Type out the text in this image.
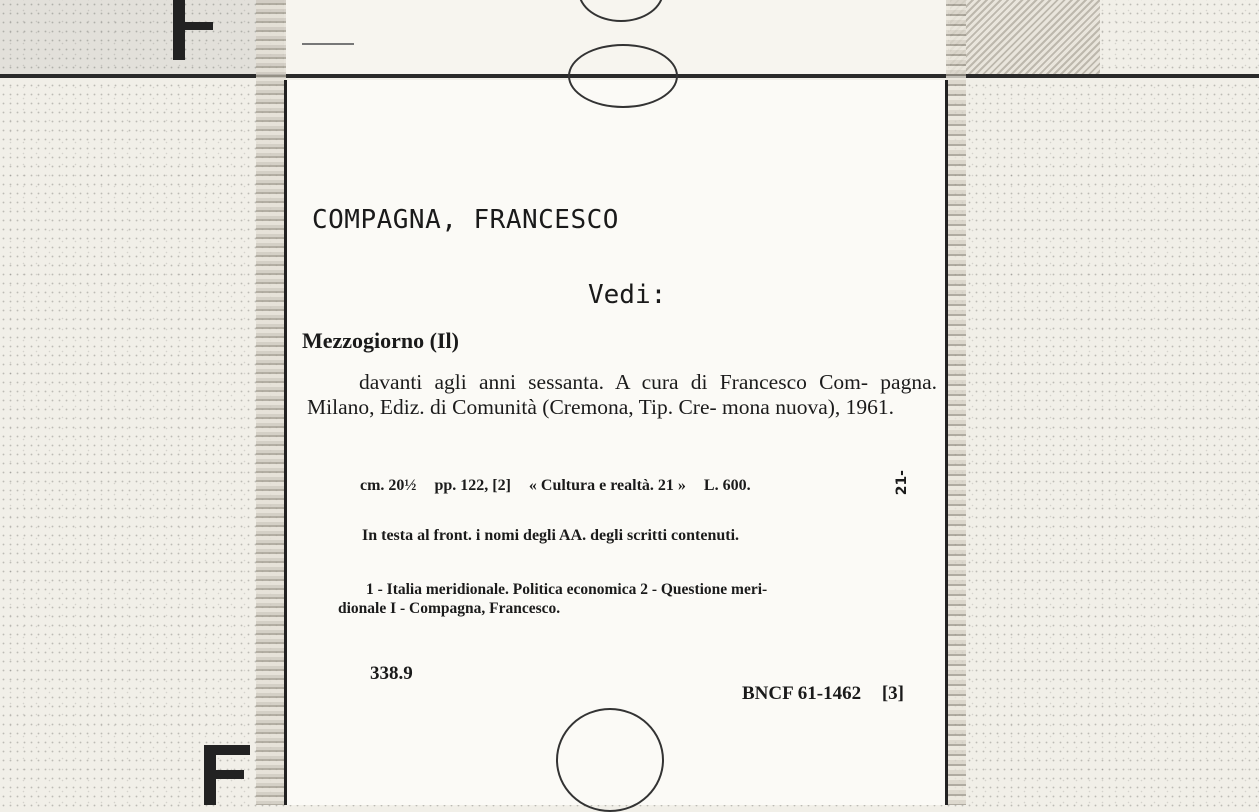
COMPAGNA, FRANCESCO
Vedi:
Mezzogiorno (Il)
davanti agli anni sessanta. A cura di Francesco Com- pagna. Milano, Ediz. di Comunità (Cremona, Tip. Cre- mona nuova), 1961.
cm. 20½ pp. 122, [2] « Cultura e realtà. 21 » L. 600.	21-
In testa al front. i nomi degli AA. degli scritti contenuti.
1 - Italia meridionale. Politica economica 2 - Questione meri-
dionale I - Compagna, Francesco.
338.9
BNCF 61-1462 [3]
